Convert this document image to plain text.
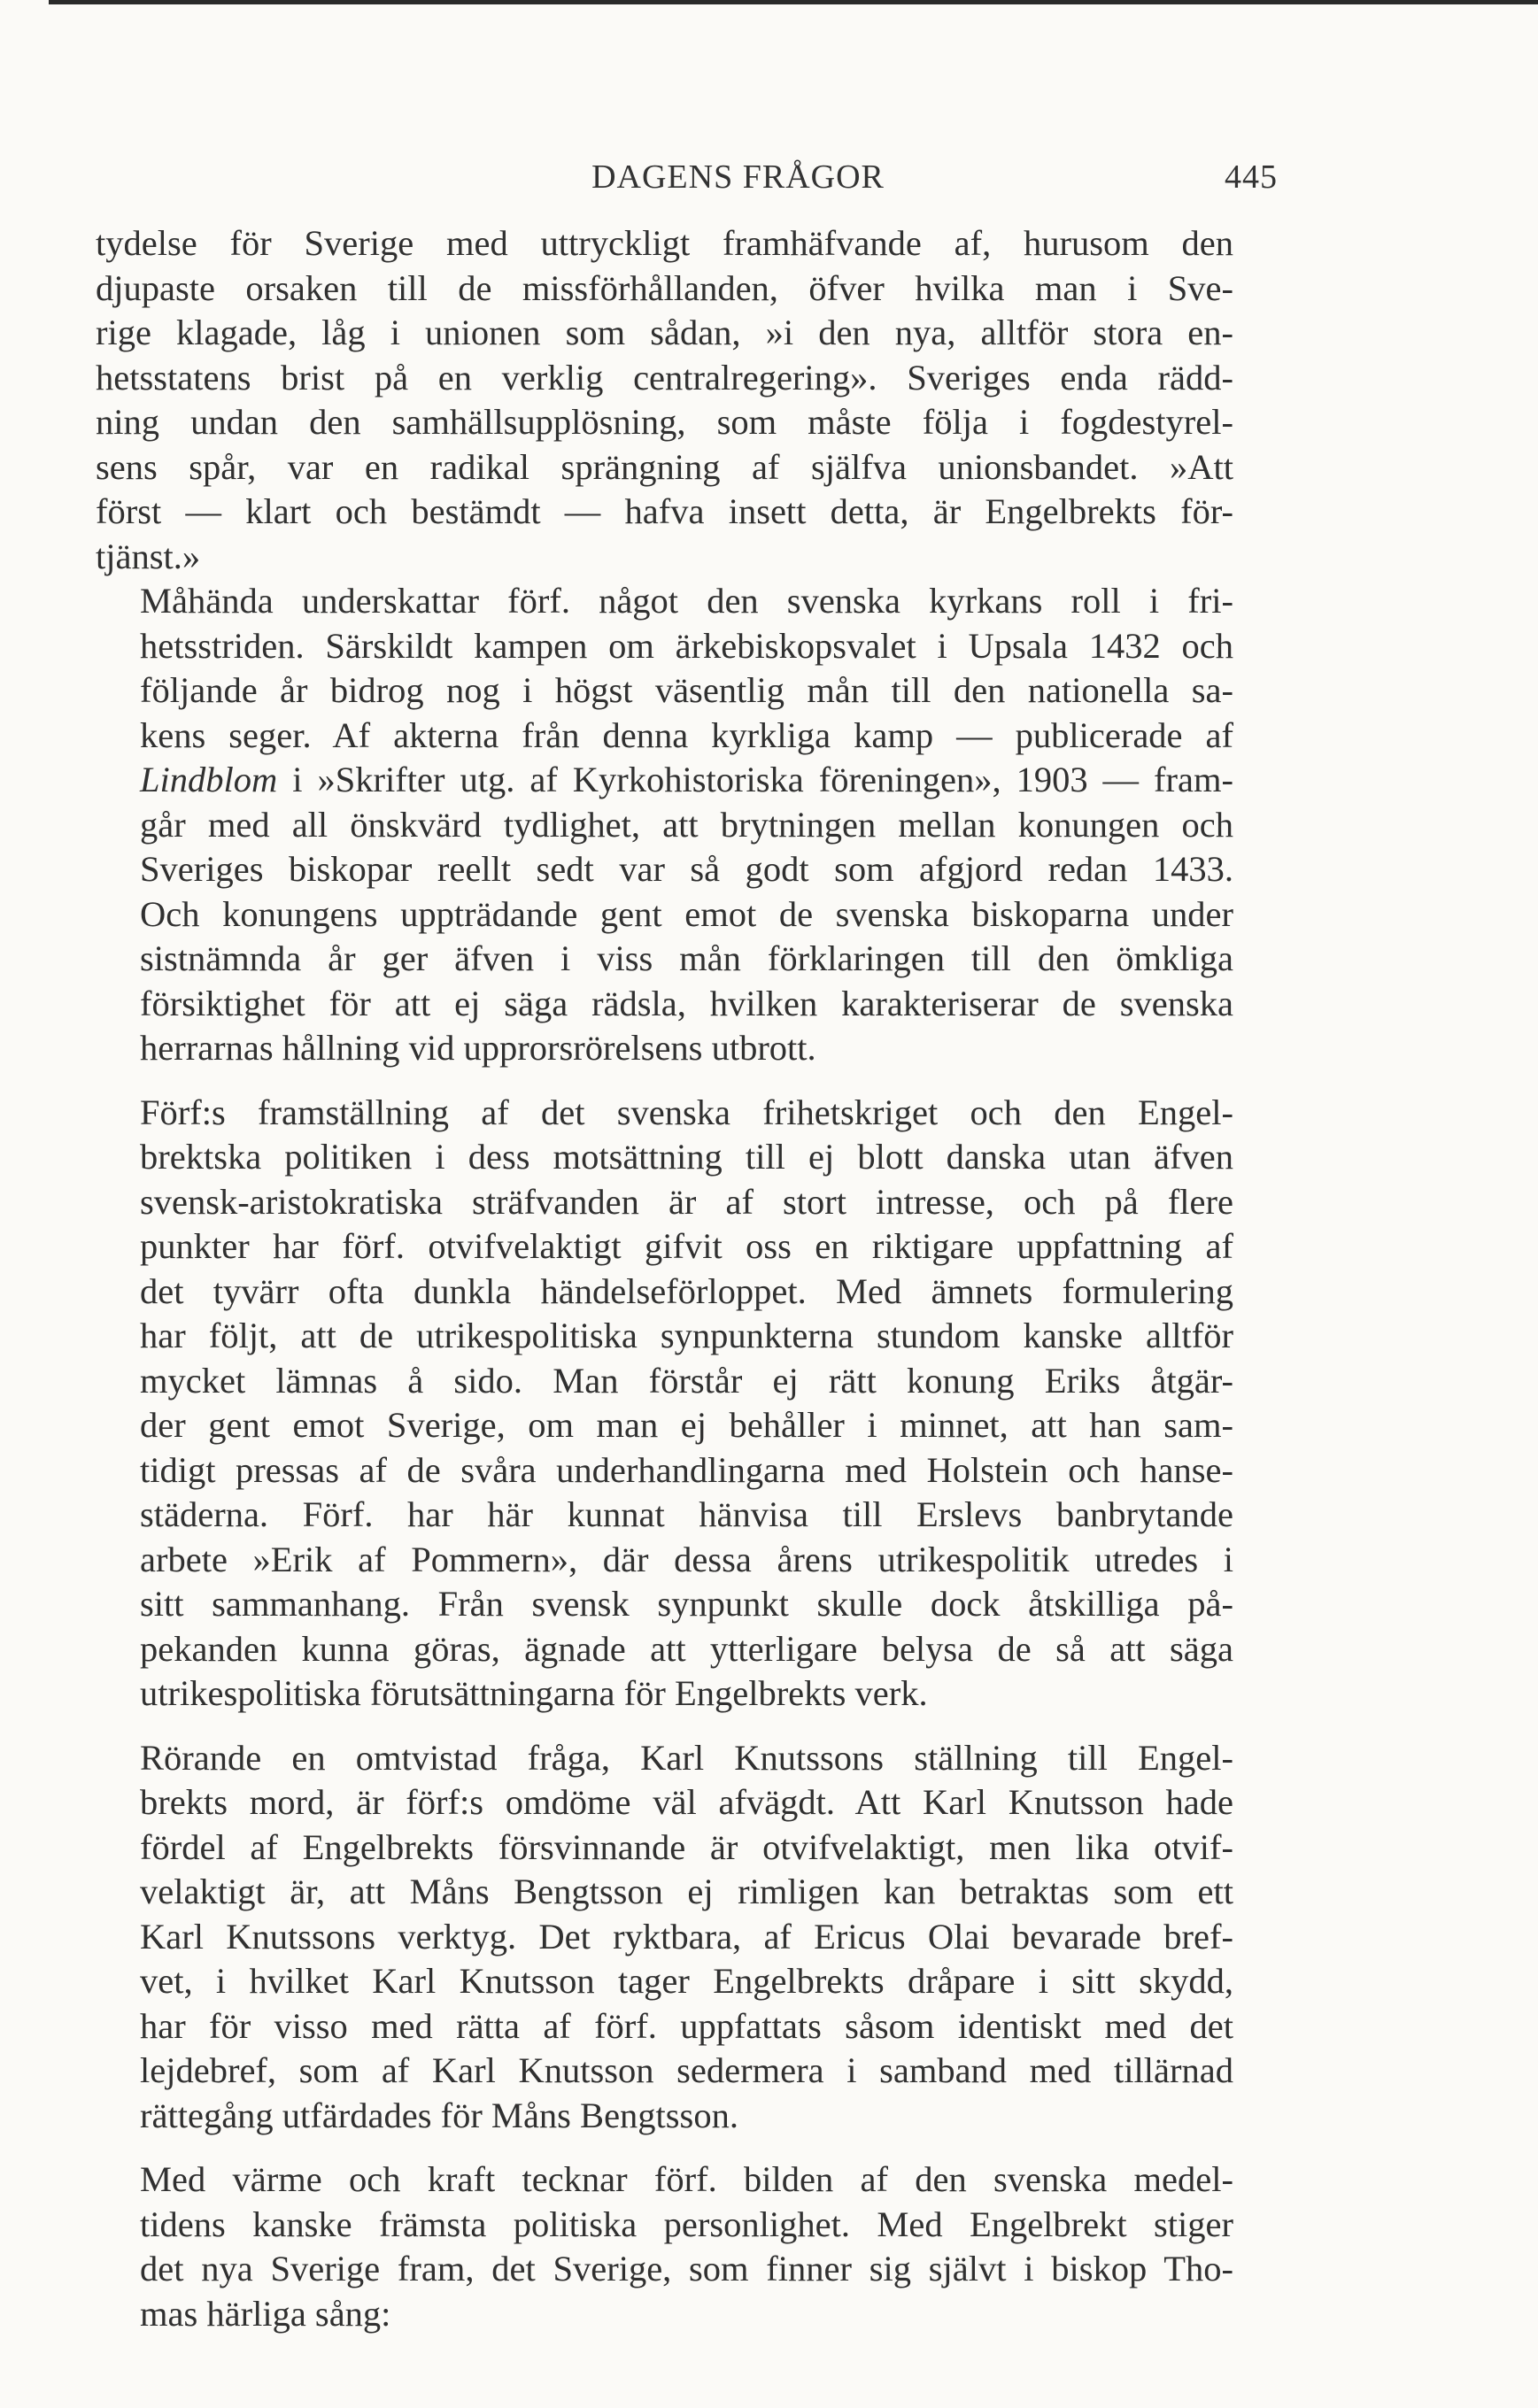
DAGENS FRÅGOR	445
tydelse för Sverige med uttryckligt framhäfvande af, hurusom den
djupaste orsaken till de missförhållanden, öfver hvilka man i Sve-
rige klagade, låg i unionen som sådan, »i den nya, alltför stora en-
hetsstatens brist på en verklig centralregering». Sveriges enda rädd-
ning undan den samhällsupplösning, som måste följa i fogdestyrel-
sens spår, var en radikal sprängning af själfva unionsbandet. »Att
först — klart och bestämdt — hafva insett detta, är Engelbrekts för-
tjänst.»
Måhända underskattar förf. något den svenska kyrkans roll i fri-
hetsstriden. Särskildt kampen om ärkebiskopsvalet i Upsala 1432 och
följande år bidrog nog i högst väsentlig mån till den nationella sa-
kens seger. Af akterna från denna kyrkliga kamp — publicerade af
Lindblom i »Skrifter utg. af Kyrkohistoriska föreningen», 1903 — fram-
går med all önskvärd tydlighet, att brytningen mellan konungen och
Sveriges biskopar reellt sedt var så godt som afgjord redan 1433.
Och konungens uppträdande gent emot de svenska biskoparna under
sistnämnda år ger äfven i viss mån förklaringen till den ömkliga
försiktighet för att ej säga rädsla, hvilken karakteriserar de svenska
herrarnas hållning vid upprorsrörelsens utbrott.
Förf:s framställning af det svenska frihetskriget och den Engel-
brektska politiken i dess motsättning till ej blott danska utan äfven
svensk-aristokratiska sträfvanden är af stort intresse, och på flere
punkter har förf. otvifvelaktigt gifvit oss en riktigare uppfattning af
det tyvärr ofta dunkla händelseförloppet. Med ämnets formulering
har följt, att de utrikespolitiska synpunkterna stundom kanske alltför
mycket lämnas å sido. Man förstår ej rätt konung Eriks åtgär-
der gent emot Sverige, om man ej behåller i minnet, att han sam-
tidigt pressas af de svåra underhandlingarna med Holstein och hanse-
städerna. Förf. har här kunnat hänvisa till Erslevs banbrytande
arbete »Erik af Pommern», där dessa årens utrikespolitik utredes i
sitt sammanhang. Från svensk synpunkt skulle dock åtskilliga på-
pekanden kunna göras, ägnade att ytterligare belysa de så att säga
utrikespolitiska förutsättningarna för Engelbrekts verk.
Rörande en omtvistad fråga, Karl Knutssons ställning till Engel-
brekts mord, är förf:s omdöme väl afvägdt. Att Karl Knutsson hade
fördel af Engelbrekts försvinnande är otvifvelaktigt, men lika otvif-
velaktigt är, att Måns Bengtsson ej rimligen kan betraktas som ett
Karl Knutssons verktyg. Det ryktbara, af Ericus Olai bevarade bref-
vet, i hvilket Karl Knutsson tager Engelbrekts dråpare i sitt skydd,
har för visso med rätta af förf. uppfattats såsom identiskt med det
lejdebref, som af Karl Knutsson sedermera i samband med tillärnad
rättegång utfärdades för Måns Bengtsson.
Med värme och kraft tecknar förf. bilden af den svenska medel-
tidens kanske främsta politiska personlighet. Med Engelbrekt stiger
det nya Sverige fram, det Sverige, som finner sig självt i biskop Tho-
mas härliga sång:
